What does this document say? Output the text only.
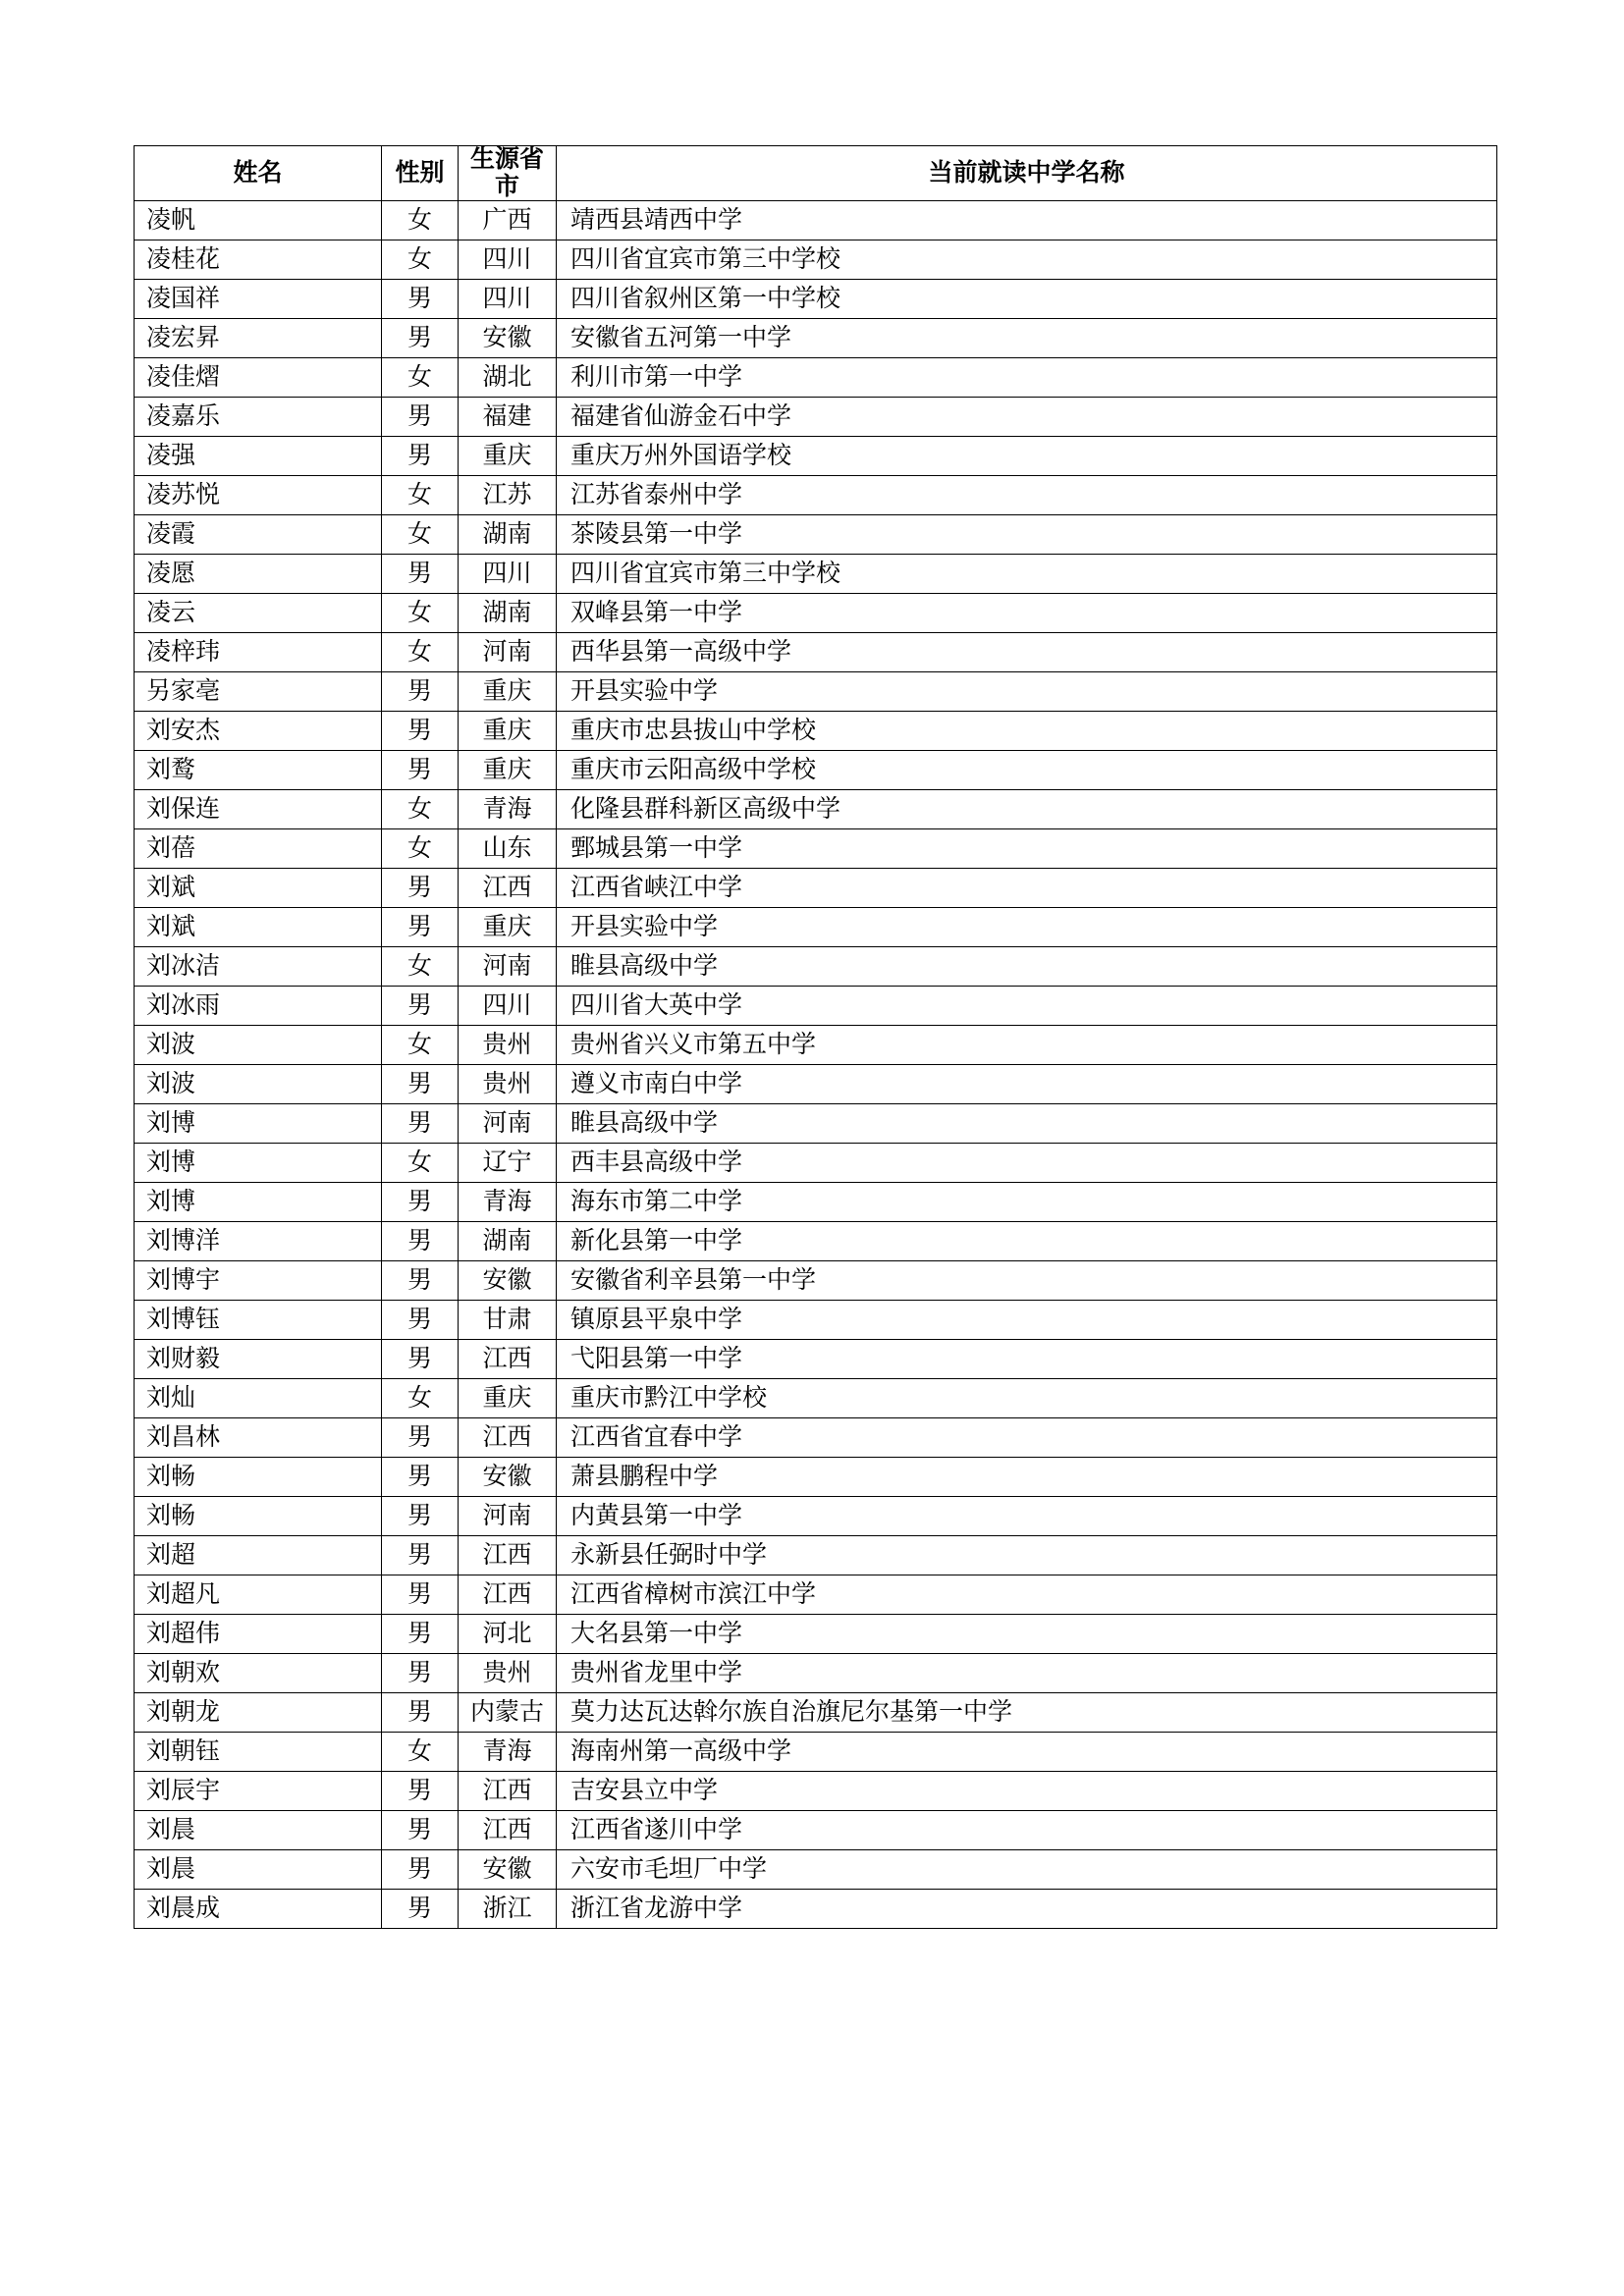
姓名	性别	生源省市	当前就读中学名称
凌帆	女	广西	靖西县靖西中学
凌桂花	女	四川	四川省宜宾市第三中学校
凌国祥	男	四川	四川省叙州区第一中学校
凌宏昇	男	安徽	安徽省五河第一中学
凌佳熠	女	湖北	利川市第一中学
凌嘉乐	男	福建	福建省仙游金石中学
凌强	男	重庆	重庆万州外国语学校
凌苏悦	女	江苏	江苏省泰州中学
凌霞	女	湖南	茶陵县第一中学
凌愿	男	四川	四川省宜宾市第三中学校
凌云	女	湖南	双峰县第一中学
凌梓玮	女	河南	西华县第一高级中学
另家亳	男	重庆	开县实验中学
刘安杰	男	重庆	重庆市忠县拔山中学校
刘鹜	男	重庆	重庆市云阳高级中学校
刘保连	女	青海	化隆县群科新区高级中学
刘蓓	女	山东	鄄城县第一中学
刘斌	男	江西	江西省峡江中学
刘斌	男	重庆	开县实验中学
刘冰洁	女	河南	睢县高级中学
刘冰雨	男	四川	四川省大英中学
刘波	女	贵州	贵州省兴义市第五中学
刘波	男	贵州	遵义市南白中学
刘博	男	河南	睢县高级中学
刘博	女	辽宁	西丰县高级中学
刘博	男	青海	海东市第二中学
刘博洋	男	湖南	新化县第一中学
刘博宇	男	安徽	安徽省利辛县第一中学
刘博钰	男	甘肃	镇原县平泉中学
刘财毅	男	江西	弋阳县第一中学
刘灿	女	重庆	重庆市黔江中学校
刘昌林	男	江西	江西省宜春中学
刘畅	男	安徽	萧县鹏程中学
刘畅	男	河南	内黄县第一中学
刘超	男	江西	永新县任弼时中学
刘超凡	男	江西	江西省樟树市滨江中学
刘超伟	男	河北	大名县第一中学
刘朝欢	男	贵州	贵州省龙里中学
刘朝龙	男	内蒙古	莫力达瓦达斡尔族自治旗尼尔基第一中学
刘朝钰	女	青海	海南州第一高级中学
刘辰宇	男	江西	吉安县立中学
刘晨	男	江西	江西省遂川中学
刘晨	男	安徽	六安市毛坦厂中学
刘晨成	男	浙江	浙江省龙游中学
